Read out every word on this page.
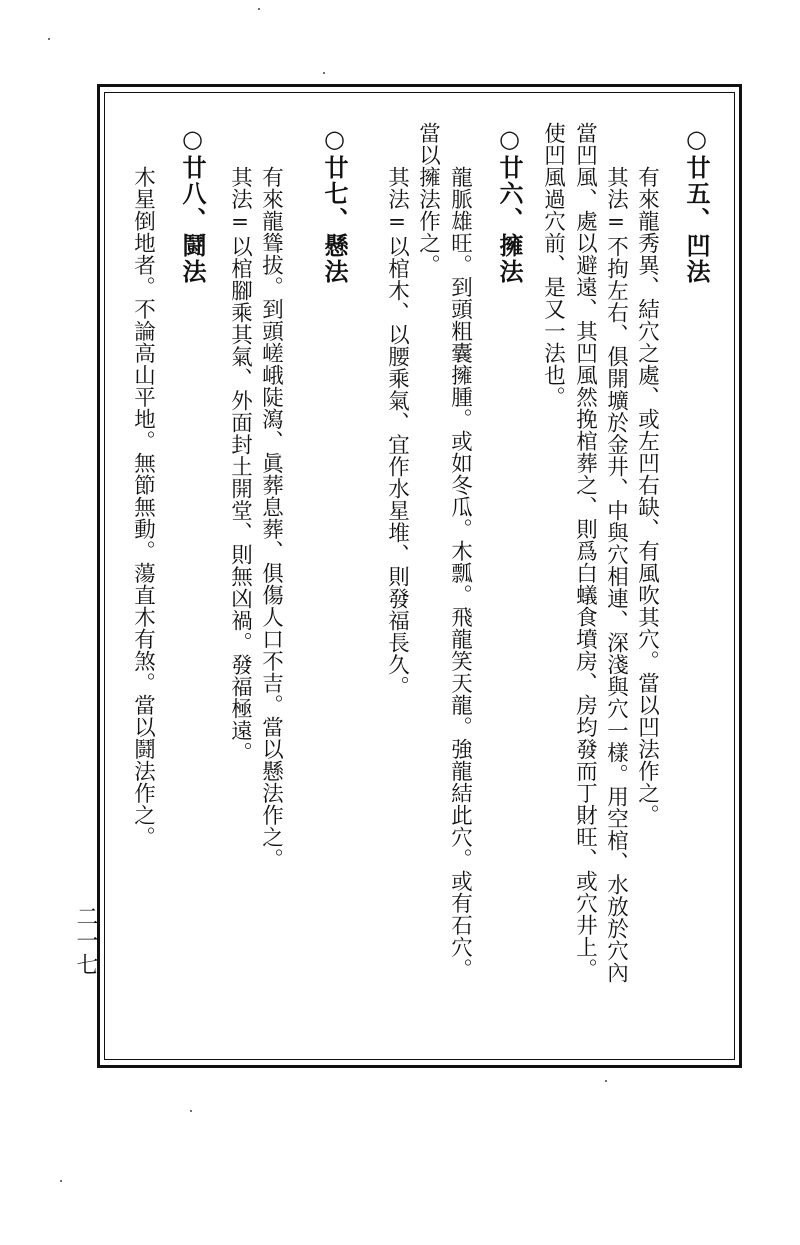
○廿五、凹法
有來龍秀異、結穴之處、或左凹右缺、有風吹其穴。當以凹法作之。
其法=不拘左右、俱開壙於金井、中與穴相連、深淺與穴一樣。用空棺、水放於穴內
當凹風、處以避遠、其凹風然挽棺葬之、則爲白蟻食墳房、房均發而丁財旺、或穴井上。
使凹風過穴前、是又一法也。
○廿六、擁法
龍脈雄旺。到頭粗囊擁腫。或如冬瓜。木瓢。飛龍笑天龍。強龍結此穴。或有石穴。
當以擁法作之。
其法=以棺木、以腰乘氣、宜作水星堆、則發福長久。
○廿七、懸法
有來龍聳拔。到頭嵯峨陡瀉、眞葬息葬、俱傷人口不吉。當以懸法作之。
其法=以棺腳乘其氣、外面封土開堂、則無凶禍。發福極遠。
○廿八、鬪法
木星倒地者。不論高山平地。無節無動。蕩直木有煞。當以鬪法作之。
二一七
